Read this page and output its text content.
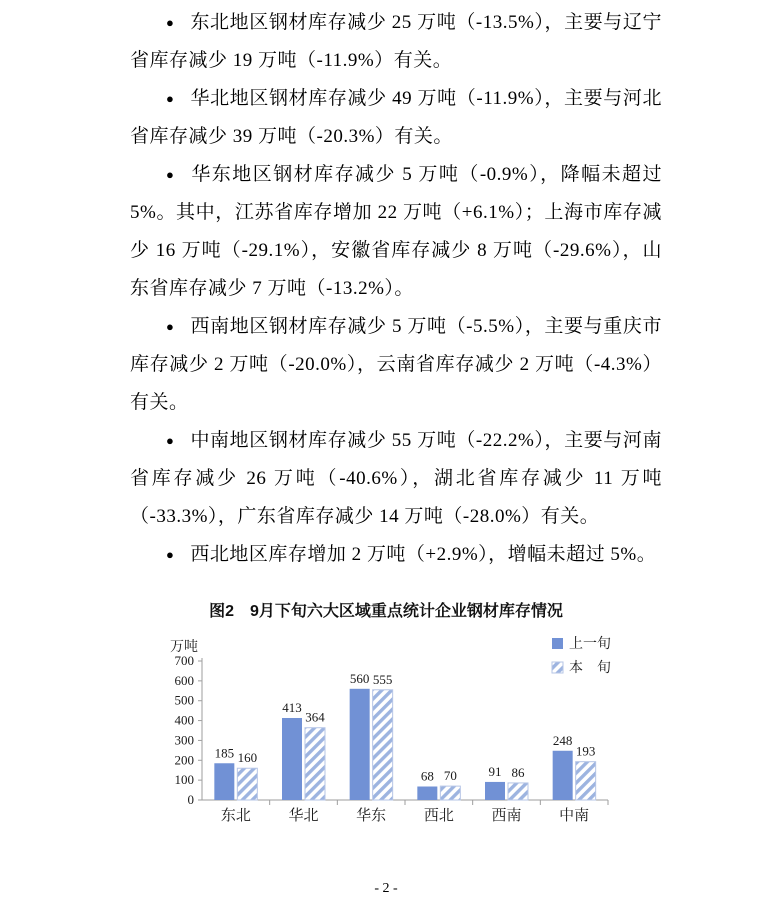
● 东北地区钢材库存减少 25 万吨（-13.5%），主要与辽宁省库存减少 19 万吨（-11.9%）有关。

● 华北地区钢材库存减少 49 万吨（-11.9%），主要与河北省库存减少 39 万吨（-20.3%）有关。

● 华东地区钢材库存减少 5 万吨（-0.9%），降幅未超过 5%。其中，江苏省库存增加 22 万吨（+6.1%）；上海市库存减少 16 万吨（-29.1%），安徽省库存减少 8 万吨（-29.6%），山东省库存减少 7 万吨（-13.2%）。

● 西南地区钢材库存减少 5 万吨（-5.5%），主要与重庆市库存减少 2 万吨（-20.0%），云南省库存减少 2 万吨（-4.3%）有关。

● 中南地区钢材库存减少 55 万吨（-22.2%），主要与河南省库存减少 26 万吨（-40.6%），湖北省库存减少 11 万吨（-33.3%），广东省库存减少 14 万吨（-28.0%）有关。

● 西北地区库存增加 2 万吨（+2.9%），增幅未超过 5%。

图2　9月下旬六大区域重点统计企业钢材库存情况
万吨
0
100
200
300
400
500
600
700
185 160
东北
413
364
华北
560 555
华东
68 70
西北
91 86
西南
248
193
中南
上一旬
本　旬
- 2 -
